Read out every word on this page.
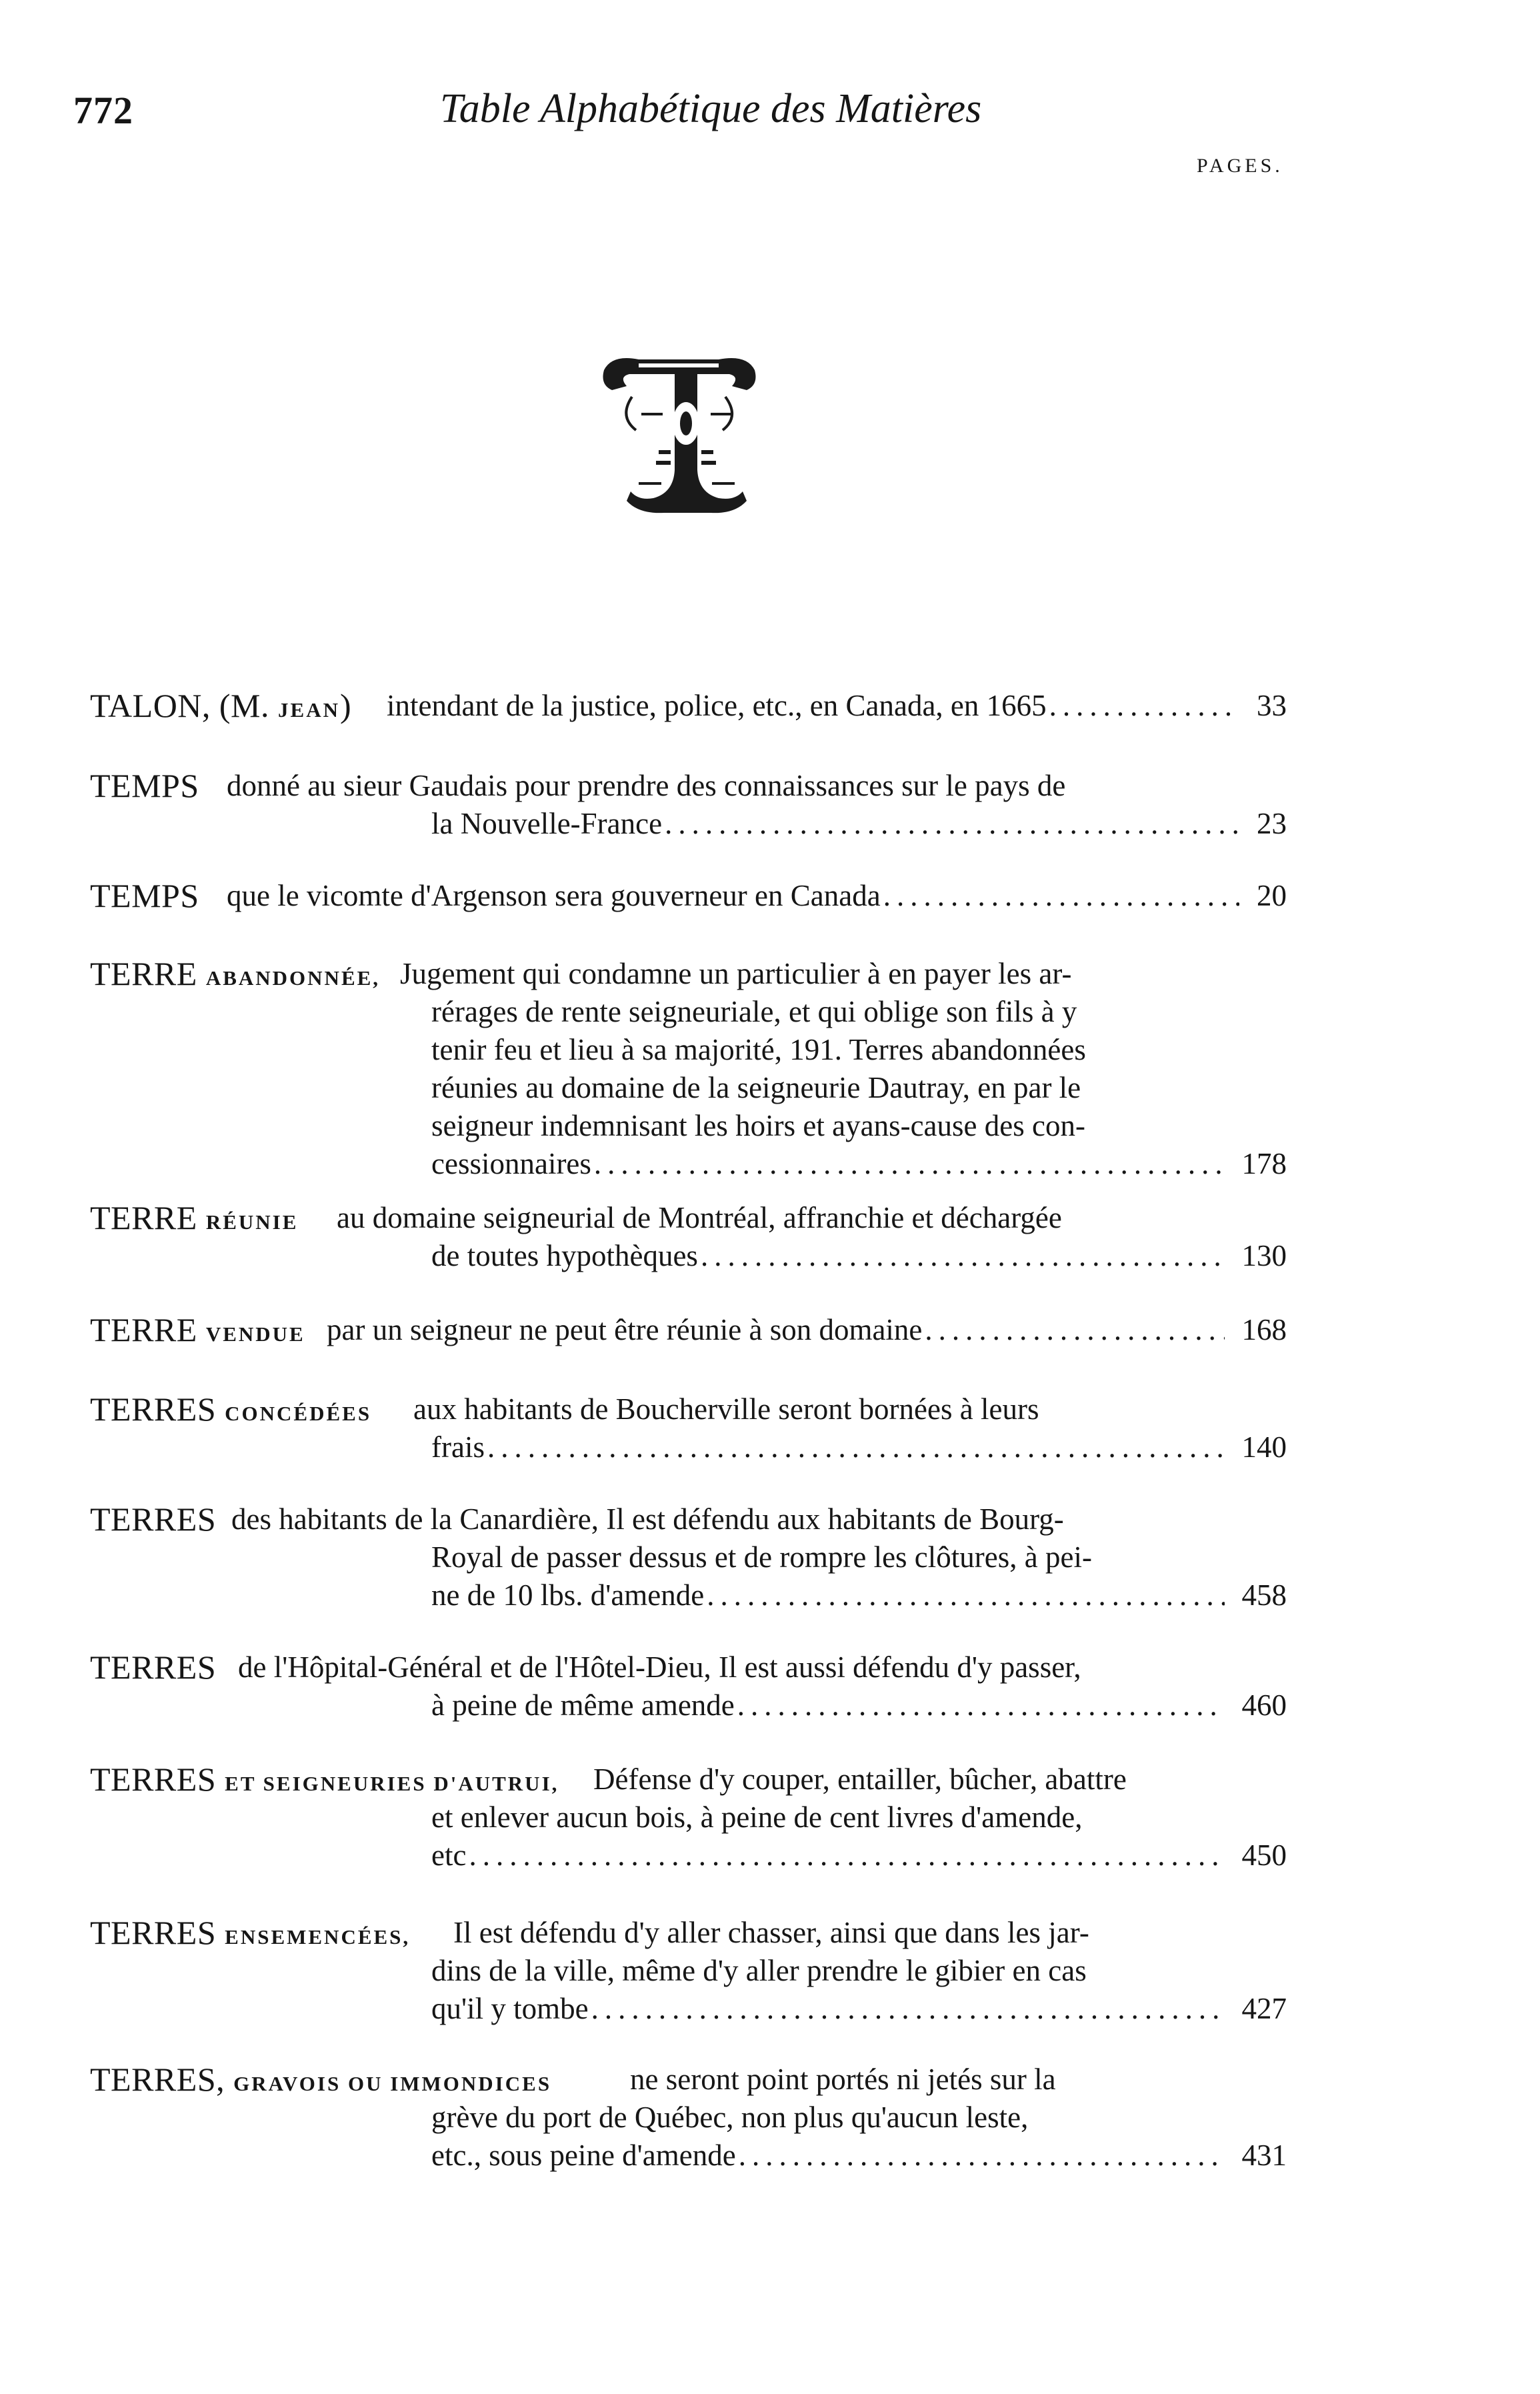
772	Table Alphabétique des Matières
PAGES.
TALON, (M. JEAN) intendant de la justice, police, etc., en Canada, en 1665 .....	33
TEMPS donné au sieur Gaudais pour prendre des connaissances sur le pays de
la Nouvelle-France .....	23
TEMPS que le vicomte d'Argenson sera gouverneur en Canada .....	20
TERRE ABANDONNÉE, Jugement qui condamne un particulier à en payer les ar-
rérages de rente seigneuriale, et qui oblige son fils à y
tenir feu et lieu à sa majorité, 191. Terres abandonnées
réunies au domaine de la seigneurie Dautray, en par le
seigneur indemnisant les hoirs et ayans-cause des con-
cessionnaires .....	178
TERRE RÉUNIE au domaine seigneurial de Montréal, affranchie et déchargée
de toutes hypothèques .....	130
TERRE VENDUE par un seigneur ne peut être réunie à son domaine .....	168
TERRES CONCÉDÉES aux habitants de Boucherville seront bornées à leurs
frais .....	140
TERRES des habitants de la Canardière, Il est défendu aux habitants de Bourg-
Royal de passer dessus et de rompre les clôtures, à pei-
ne de 10 lbs. d'amende .....	458
TERRES de l'Hôpital-Général et de l'Hôtel-Dieu, Il est aussi défendu d'y passer,
à peine de même amende .....	460
TERRES ET SEIGNEURIES D'AUTRUI, Défense d'y couper, entailler, bûcher, abattre
et enlever aucun bois, à peine de cent livres d'amende,
etc .....	450
TERRES ENSEMENCÉES, Il est défendu d'y aller chasser, ainsi que dans les jar-
dins de la ville, même d'y aller prendre le gibier en cas
qu'il y tombe .....	427
TERRES, GRAVOIS OU IMMONDICES	ne seront point portés ni jetés sur la
grève du port de Québec, non plus qu'aucun leste,
etc., sous peine d'amende .....	431
